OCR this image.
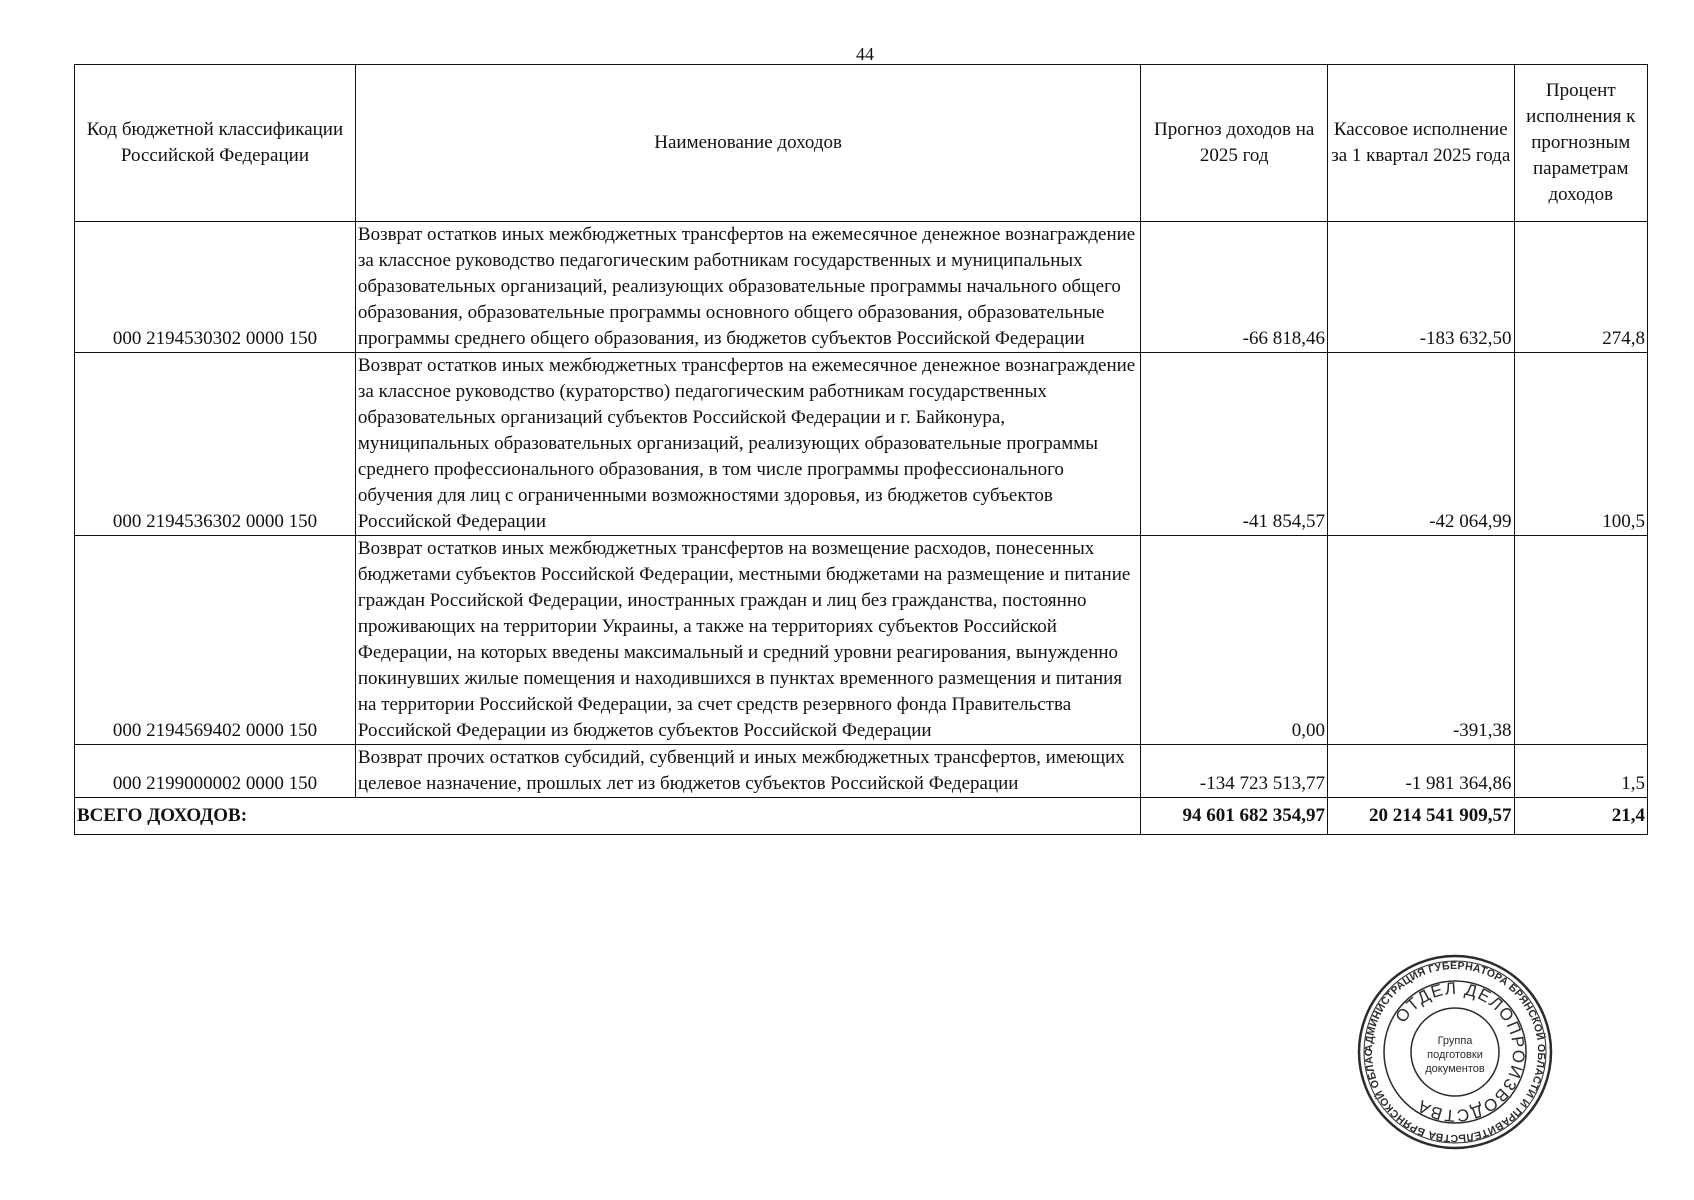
44
Код бюджетной классификации Российской Федерации	Наименование доходов	Прогноз доходов на 2025 год	Кассовое исполнение за 1 квартал 2025 года	Процент исполнения к прогнозным параметрам доходов
000 2194530302 0000 150	Возврат остатков иных межбюджетных трансфертов на ежемесячное денежное вознаграждение за классное руководство педагогическим работникам государственных и муниципальных образовательных организаций, реализующих образовательные программы начального общего образования, образовательные программы основного общего образования, образовательные программы среднего общего образования, из бюджетов субъектов Российской Федерации	-66 818,46	-183 632,50	274,8
000 2194536302 0000 150	Возврат остатков иных межбюджетных трансфертов на ежемесячное денежное вознаграждение за классное руководство (кураторство) педагогическим работникам государственных образовательных организаций субъектов Российской Федерации и г. Байконура, муниципальных образовательных организаций, реализующих образовательные программы среднего профессионального образования, в том числе программы профессионального обучения для лиц с ограниченными возможностями здоровья, из бюджетов субъектов Российской Федерации	-41 854,57	-42 064,99	100,5
000 2194569402 0000 150	Возврат остатков иных межбюджетных трансфертов на возмещение расходов, понесенных бюджетами субъектов Российской Федерации, местными бюджетами на размещение и питание граждан Российской Федерации, иностранных граждан и лиц без гражданства, постоянно проживающих на территории Украины, а также на территориях субъектов Российской Федерации, на которых введены максимальный и средний уровни реагирования, вынужденно покинувших жилые помещения и находившихся в пунктах временного размещения и питания на территории Российской Федерации, за счет средств резервного фонда Правительства Российской Федерации из бюджетов субъектов Российской Федерации	0,00	-391,38	
000 2199000002 0000 150	Возврат прочих остатков субсидий, субвенций и иных межбюджетных трансфертов, имеющих целевое назначение, прошлых лет из бюджетов субъектов Российской Федерации	-134 723 513,77	-1 981 364,86	1,5
ВСЕГО ДОХОДОВ:		94 601 682 354,97	20 214 541 909,57	21,4
АДМИНИСТРАЦИЯ ГУБЕРНАТОРА БРЯНСКОЙ ОБЛАСТИ И ПРАВИТЕЛЬСТВА БРЯНСКОЙ ОБЛАС
ОТДЕЛ ДЕЛОПРОИЗВОДСТВА
Группа
подготовки
документов
